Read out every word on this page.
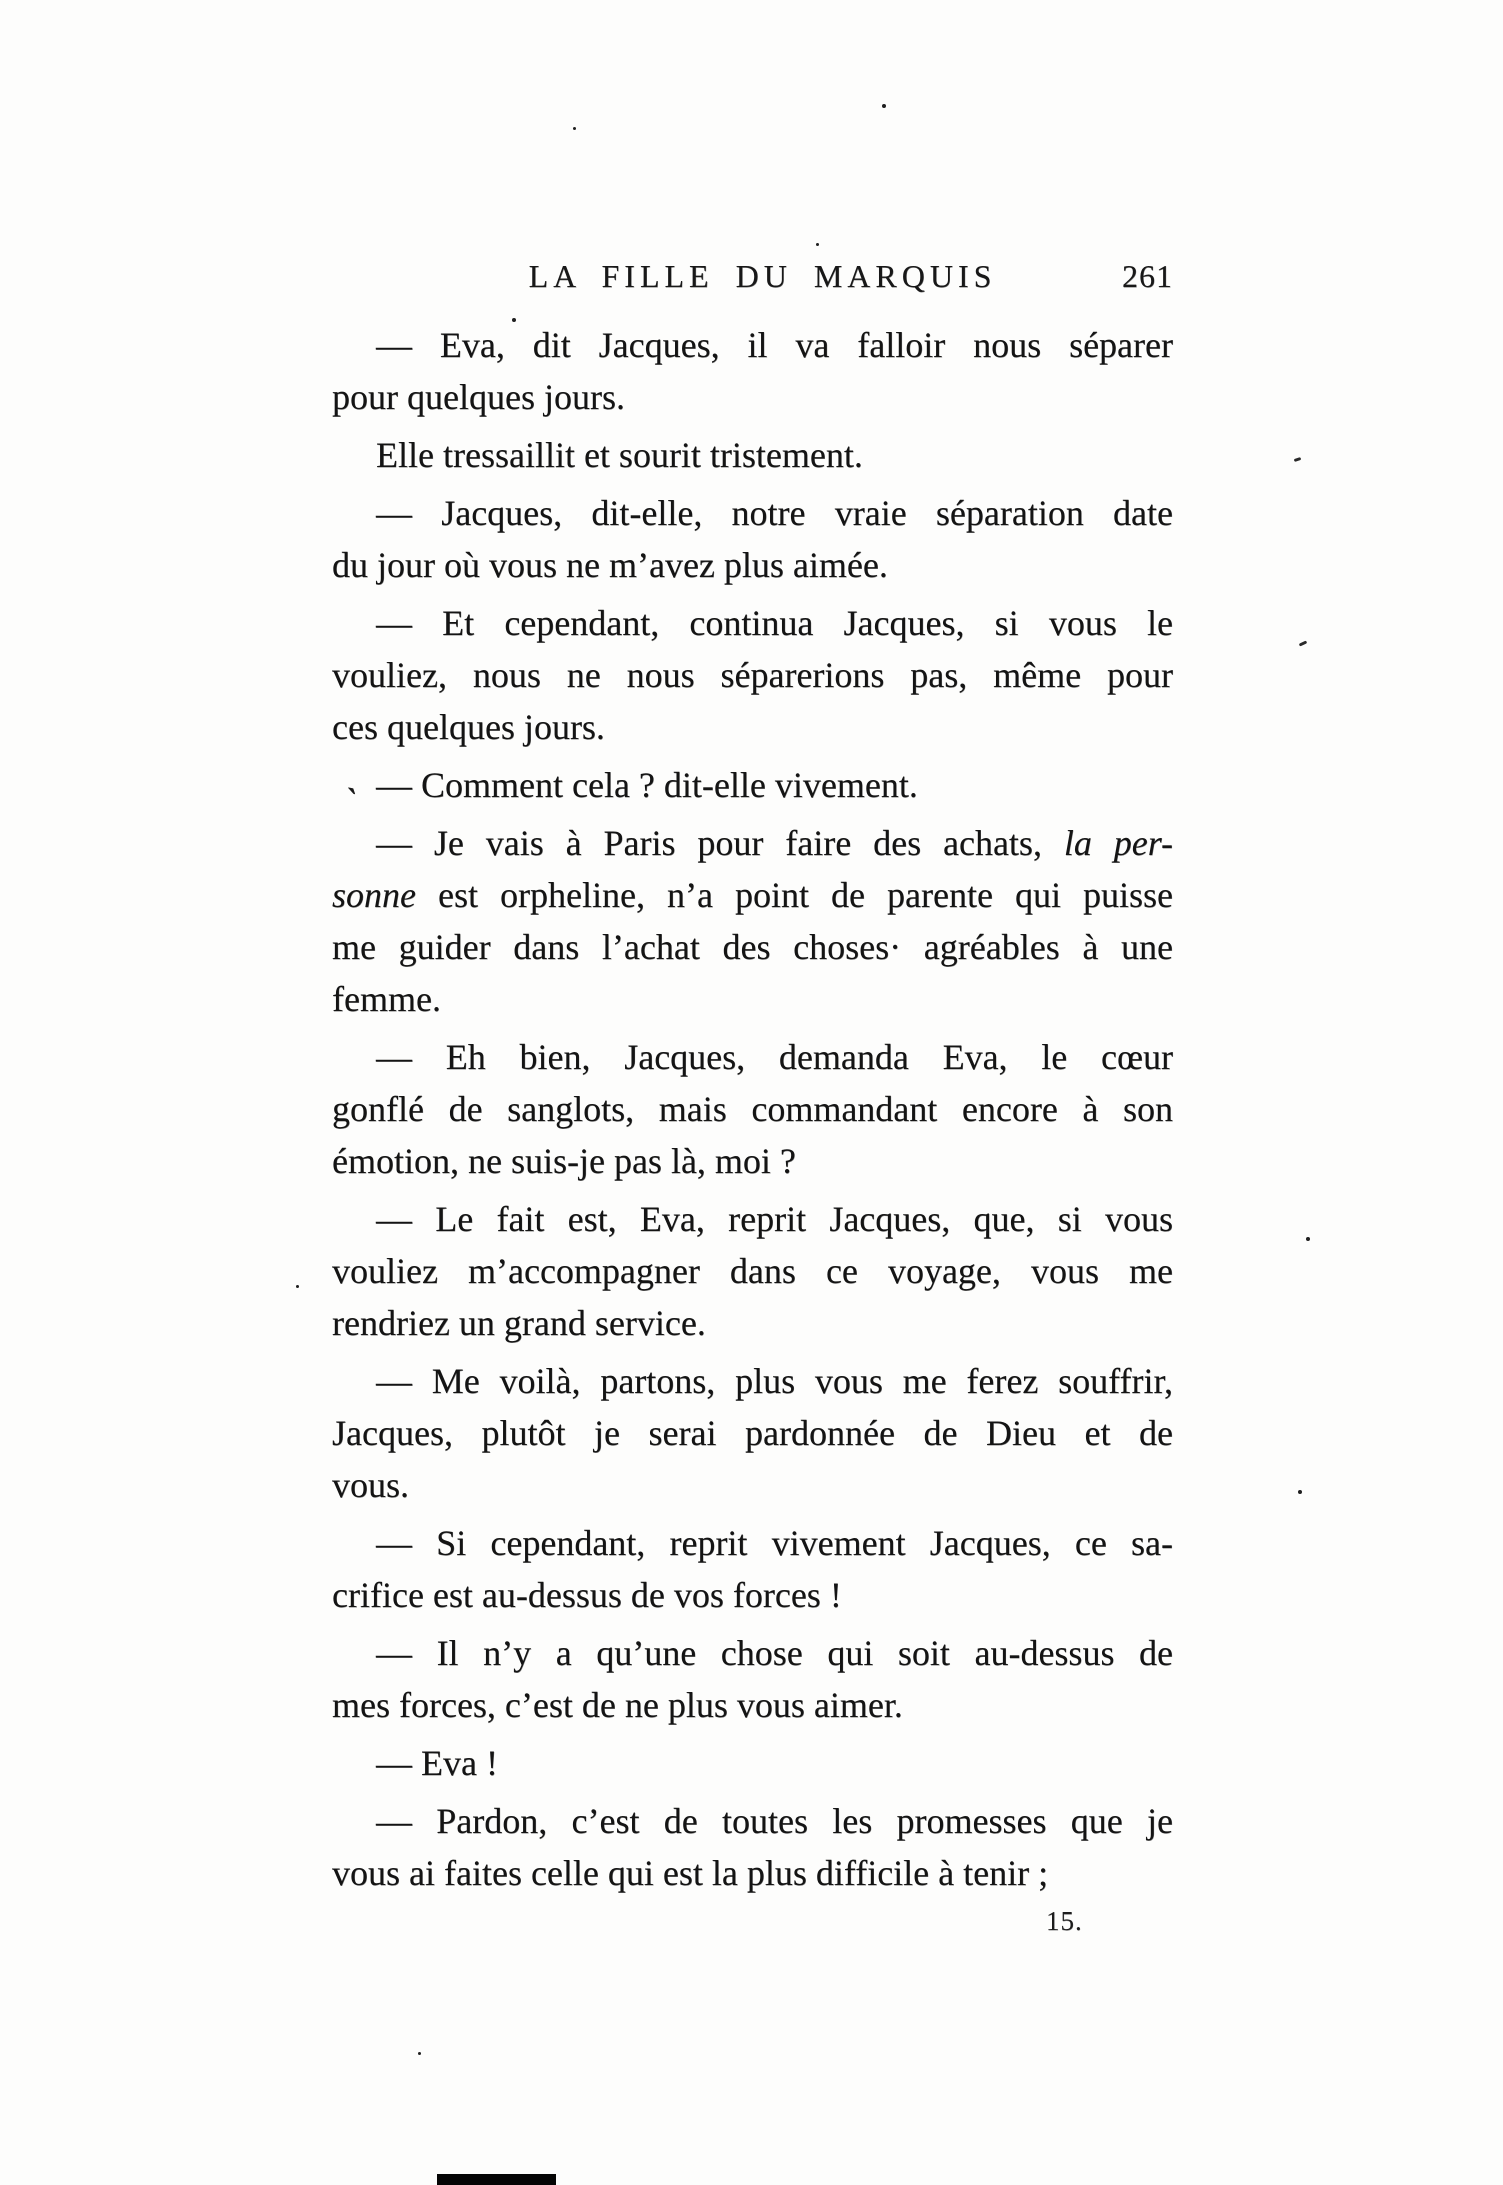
LA FILLE DU MARQUIS	261

— Eva, dit Jacques, il va falloir nous séparer
pour quelques jours.

Elle tressaillit et sourit tristement.

— Jacques, dit-elle, notre vraie séparation date
du jour où vous ne m’avez plus aimée.

— Et cependant, continua Jacques, si vous le
vouliez, nous ne nous séparerions pas, même pour
ces quelques jours.

— Comment cela ? dit-elle vivement.

— Je vais à Paris pour faire des achats, la per-
sonne est orpheline, n’a point de parente qui puisse
me guider dans l’achat des choses· agréables à une
femme.

— Eh bien, Jacques, demanda Eva, le cœur
gonflé de sanglots, mais commandant encore à son
émotion, ne suis-je pas là, moi ?

— Le fait est, Eva, reprit Jacques, que, si vous
vouliez m’accompagner dans ce voyage, vous me
rendriez un grand service.

— Me voilà, partons, plus vous me ferez souffrir,
Jacques, plutôt je serai pardonnée de Dieu et de
vous.

— Si cependant, reprit vivement Jacques, ce sa-
crifice est au-dessus de vos forces !

— Il n’y a qu’une chose qui soit au-dessus de
mes forces, c’est de ne plus vous aimer.

— Eva !

— Pardon, c’est de toutes les promesses que je
vous ai faites celle qui est la plus difficile à tenir ;

15.
`
